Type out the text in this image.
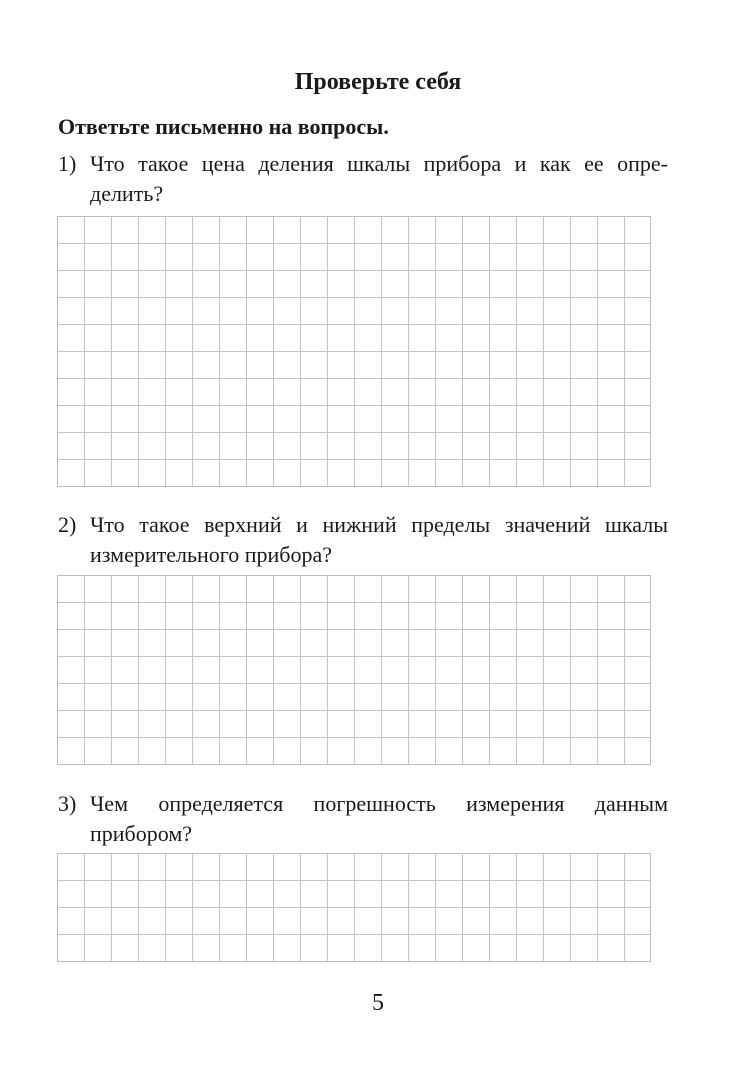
Проверьте себя
Ответьте письменно на вопросы.
1) Что такое цена деления шкалы прибора и как ее опре-делить?
2) Что такое верхний и нижний пределы значений шкалы измерительного прибора?
3) Чем определяется погрешность измерения данным прибором?
5
